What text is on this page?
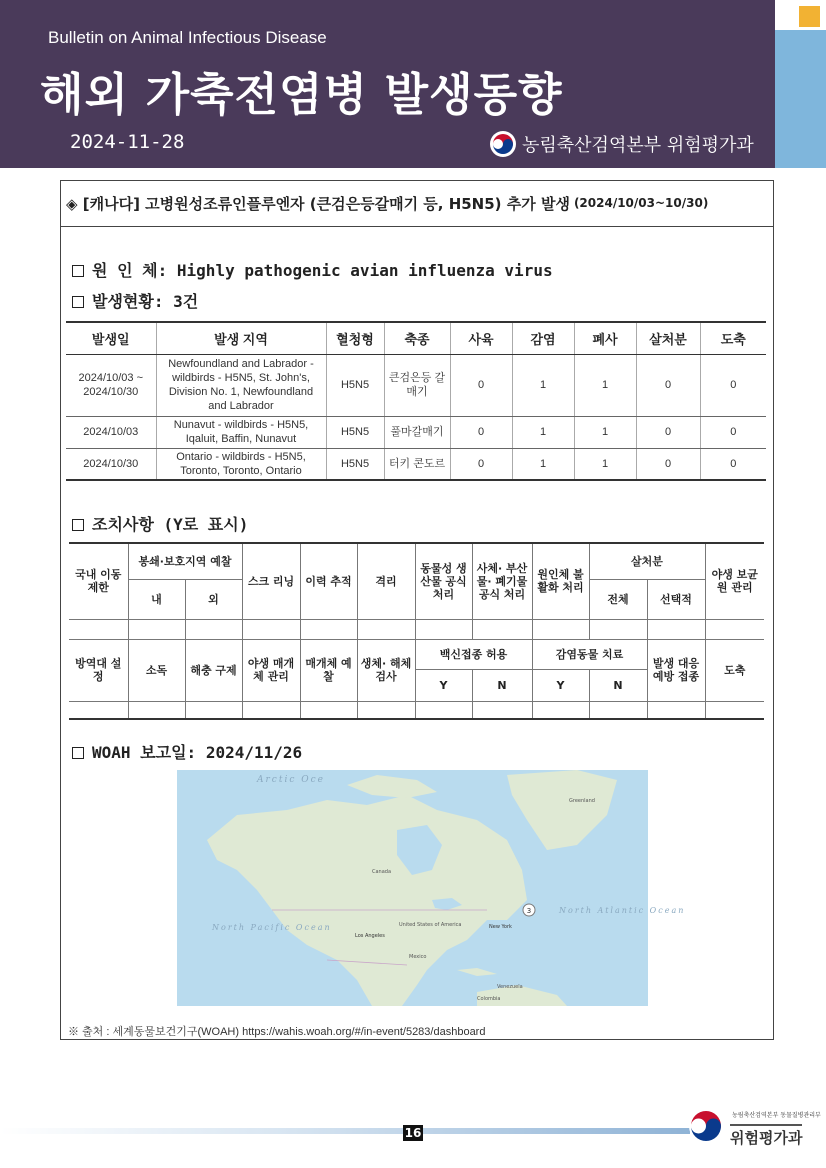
Bulletin on Animal Infectious Disease
해외 가축전염병 발생동향
2024-11-28	농림축산검역본부 위험평가과
◈ [캐나다] 고병원성조류인플루엔자 (큰검은등갈매기 등, H5N5) 추가 발생 (2024/10/03~10/30)
원 인 체: Highly pathogenic avian influenza virus
발생현황: 3건
발생일	발생 지역	혈청형	축종	사육	감염	폐사	살처분	도축
2024/10/03 ~ 2024/10/30	Newfoundland and Labrador - wildbirds - H5N5, St. John's, Division No. 1, Newfoundland and Labrador	H5N5	큰검은등 갈매기	0	1	1	0	0
2024/10/03	Nunavut - wildbirds - H5N5, Iqaluit, Baffin, Nunavut	H5N5	풀마갈매기	0	1	1	0	0
2024/10/30	Ontario - wildbirds - H5N5, Toronto, Toronto, Ontario	H5N5	터키 콘도르	0	1	1	0	0
조치사항 (Y로 표시)
국내 이동 제한	봉쇄·보호지역 예찰		스크 리닝	이력 추적	격리	동물성 생산물 공식 처리	사체· 부산물· 폐기물 공식 처리	원인체 불활화 처리	살처분		야생 보균원 관리
	내	외							전체	선택적	

방역대 설정	소독	해충 구제	야생 매개체 관리	매개체 예찰	생체· 해체 검사	백신접종 허용		감염동물 치료		발생 대응 예방 접종	도축
						Y	N	Y	N		

WOAH 보고일: 2024/11/26
3
Arctic Oce
Greenland
Canada
North Pacific Ocean
North Atlantic Ocean
United States of America
Los Angeles
New York
Mexico
Venezuela
Colombia
※ 출처 : 세계동물보건기구(WOAH) https://wahis.woah.org/#/in-event/5283/dashboard
16
농림축산검역본부 동물질병관리부
위험평가과
